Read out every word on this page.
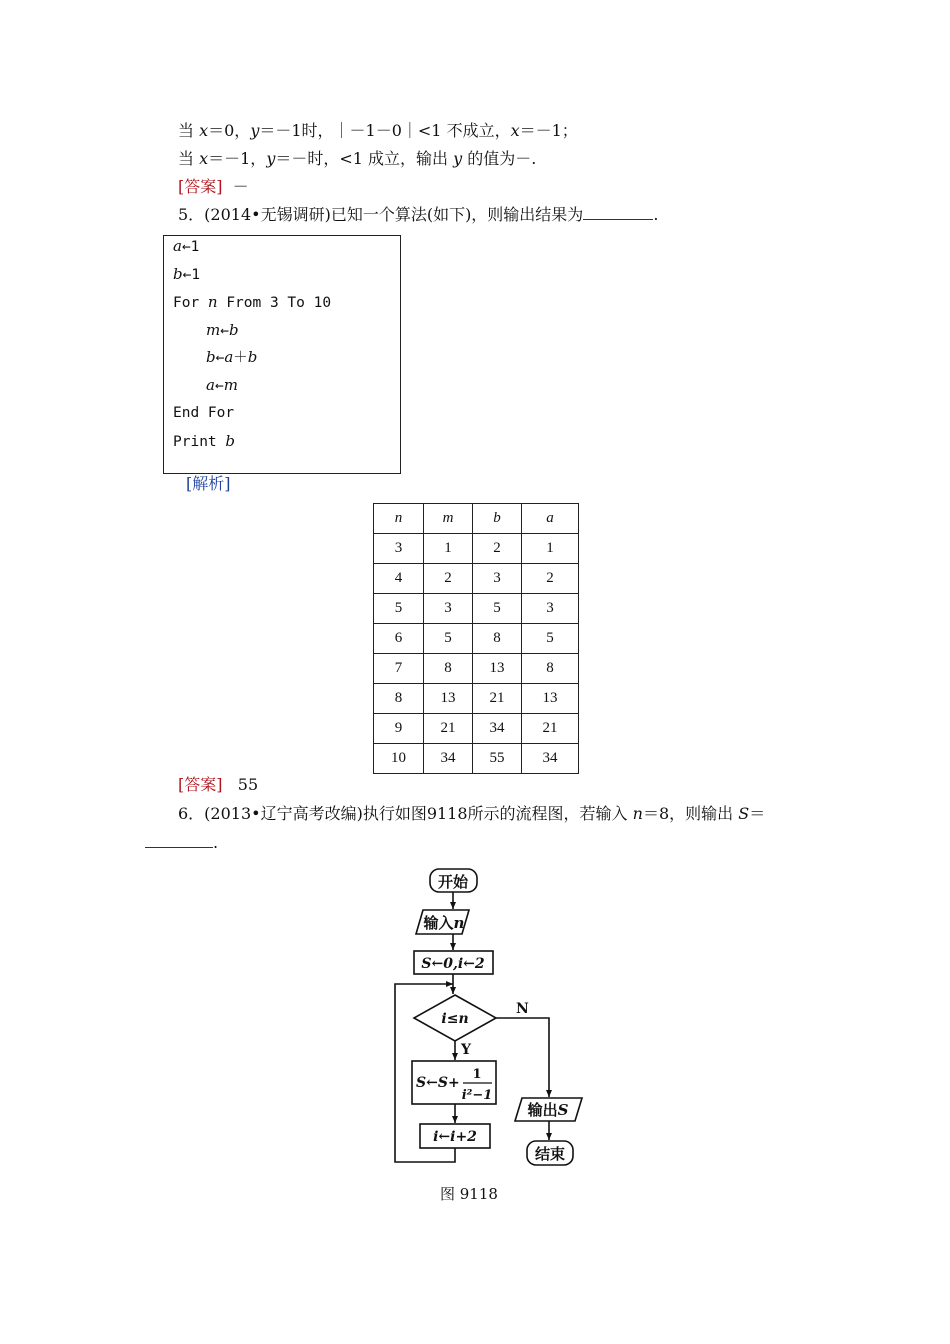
当 x＝0，y＝－1时，｜－1－0｜<1 不成立，x＝－1；
当 x＝－1，y＝－时，<1 成立，输出 y 的值为－.
[答案] －
5．(2014•无锡调研)已知一个算法(如下)，则输出结果为	.
a←1
b←1
For n From 3 To 10
m←b
b←a＋b
a←m
End For
Print b
[解析]
n	m	b	a
3	1	2	1
4	2	3	2
5	3	5	3
6	5	8	5
7	8	13	8
8	13	21	13
9	21	34	21
10	34	55	34
[答案] 55
6．(2013•辽宁高考改编)执行如图9118所示的流程图，若输入 n＝8，则输出 S＝
.
开始
输入n
S←0,i←2
i≤n
Y
N
S←S+
1
i²−1
i←i+2
输出S
结束
图 9118
